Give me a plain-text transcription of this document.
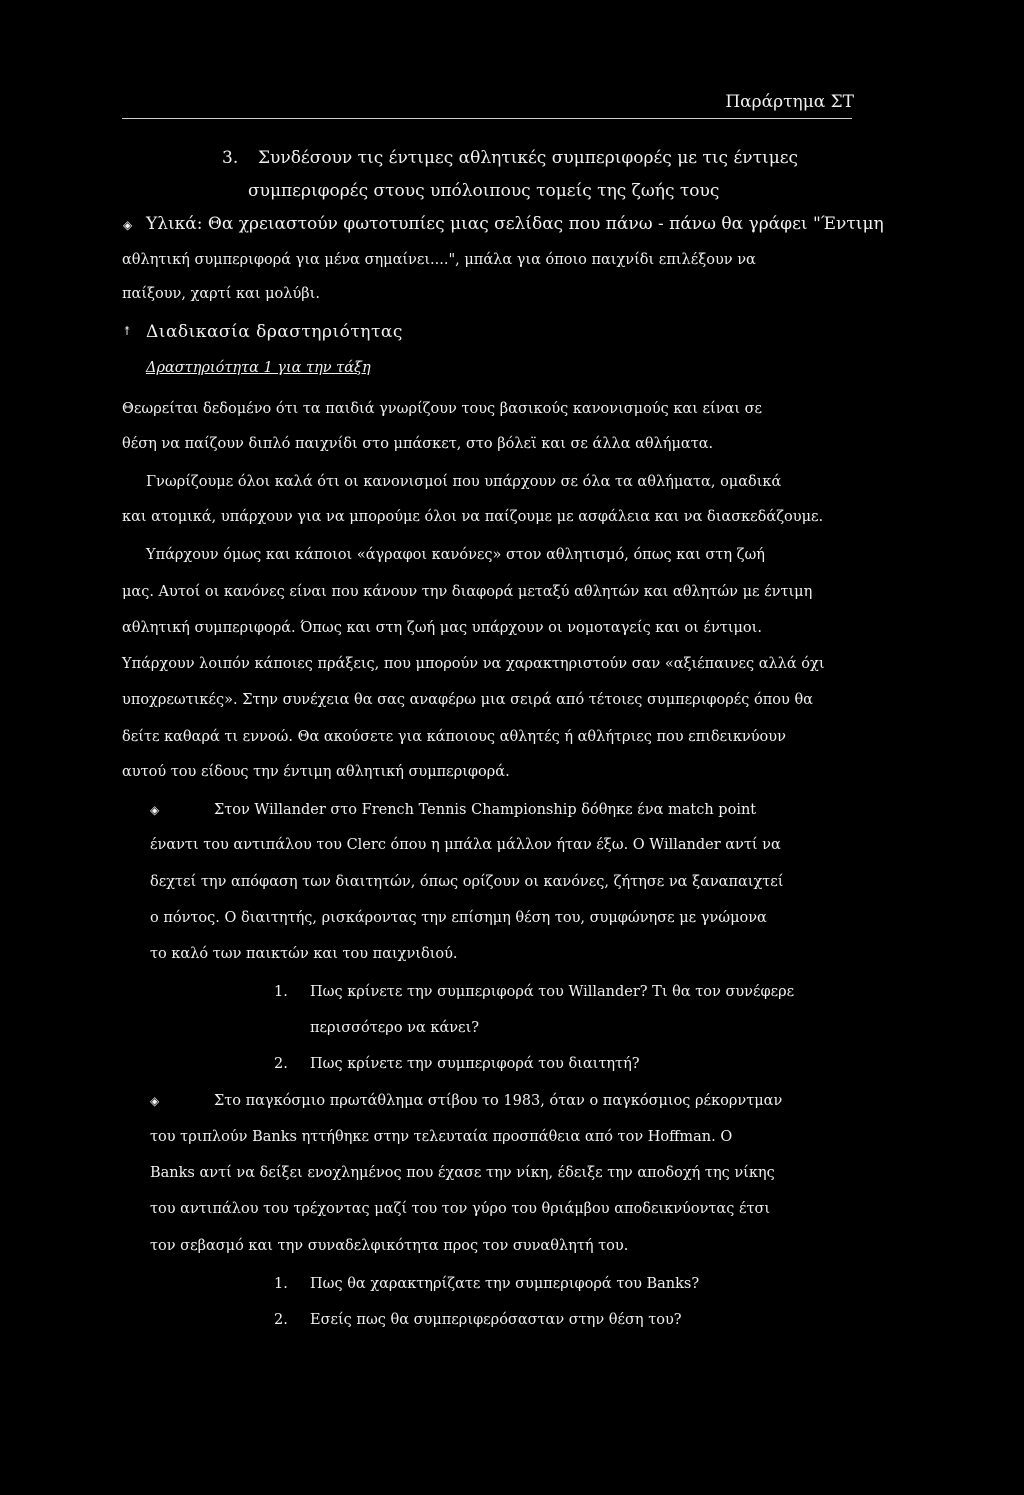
Παράρτημα ΣΤ
3. Συνδέσουν τις έντιμες αθλητικές συμπεριφορές με τις έντιμες
συμπεριφορές στους υπόλοιπους τομείς της ζωής τους
◈ Υλικά: Θα χρειαστούν φωτοτυπίες μιας σελίδας που πάνω - πάνω θα γράφει "Έντιμη
αθλητική συμπεριφορά για μένα σημαίνει....", μπάλα για όποιο παιχνίδι επιλέξουν να
παίξουν, χαρτί και μολύβι.
↟ Διαδικασία δραστηριότητας
Δραστηριότητα 1 για την τάξη
Θεωρείται δεδομένο ότι τα παιδιά γνωρίζουν τους βασικούς κανονισμούς και είναι σε
θέση να παίζουν διπλό παιχνίδι στο μπάσκετ, στο βόλεϊ και σε άλλα αθλήματα.
Γνωρίζουμε όλοι καλά ότι οι κανονισμοί που υπάρχουν σε όλα τα αθλήματα, ομαδικά
και ατομικά, υπάρχουν για να μπορούμε όλοι να παίζουμε με ασφάλεια και να διασκεδάζουμε.
Υπάρχουν όμως και κάποιοι «άγραφοι κανόνες» στον αθλητισμό, όπως και στη ζωή
μας. Αυτοί οι κανόνες είναι που κάνουν την διαφορά μεταξύ αθλητών και αθλητών με έντιμη
αθλητική συμπεριφορά. Όπως και στη ζωή μας υπάρχουν οι νομοταγείς και οι έντιμοι.
Υπάρχουν λοιπόν κάποιες πράξεις, που μπορούν να χαρακτηριστούν σαν «αξιέπαινες αλλά όχι
υποχρεωτικές». Στην συνέχεια θα σας αναφέρω μια σειρά από τέτοιες συμπεριφορές όπου θα
δείτε καθαρά τι εννοώ. Θα ακούσετε για κάποιους αθλητές ή αθλήτριες που επιδεικνύουν
αυτού του είδους την έντιμη αθλητική συμπεριφορά.
◈	Στον Willander στο French Tennis Championship δόθηκε ένα match point
έναντι του αντιπάλου του Clerc όπου η μπάλα μάλλον ήταν έξω. Ο Willander αντί να
δεχτεί την απόφαση των διαιτητών, όπως ορίζουν οι κανόνες, ζήτησε να ξαναπαιχτεί
ο πόντος. Ο διαιτητής, ρισκάροντας την επίσημη θέση του, συμφώνησε με γνώμονα
το καλό των παικτών και του παιχνιδιού.
1. Πως κρίνετε την συμπεριφορά του Willander? Τι θα τον συνέφερε
περισσότερο να κάνει?
2. Πως κρίνετε την συμπεριφορά του διαιτητή?
◈	Στο παγκόσμιο πρωτάθλημα στίβου το 1983, όταν ο παγκόσμιος ρέκορντμαν
του τριπλούν Banks ηττήθηκε στην τελευταία προσπάθεια από τον Hoffman. Ο
Banks αντί να δείξει ενοχλημένος που έχασε την νίκη, έδειξε την αποδοχή της νίκης
του αντιπάλου του τρέχοντας μαζί του τον γύρο του θριάμβου αποδεικνύοντας έτσι
τον σεβασμό και την συναδελφικότητα προς τον συναθλητή του.
1. Πως θα χαρακτηρίζατε την συμπεριφορά του Banks?
2. Εσείς πως θα συμπεριφερόσασταν στην θέση του?
